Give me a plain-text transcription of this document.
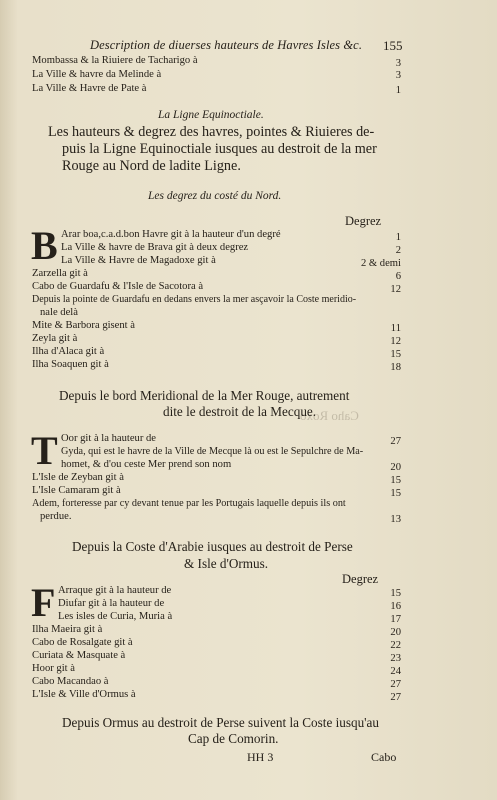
Caho Roxo
Description de diuerses hauteurs de Havres Isles &c. 155
Mombassa & la Riuiere de Tacharigo à	3
La Ville & havre da Melinde à	3
La Ville & Havre de Pate à	1
La Ligne Equinoctiale.
Les hauteurs & degrez des havres, pointes & Riuieres de-
puis la Ligne Equinoctiale iusques au destroit de la mer
Rouge au Nord de ladite Ligne.
Les degrez du costé du Nord.
Degrez
B Arar boa,c.a.d.bon Havre git à la hauteur d'un degré	1
La Ville & havre de Brava git à deux degrez	2
La Ville & Havre de Magadoxe git à	2 & demi
Zarzella git à	6
Cabo de Guardafu & l'Isle de Sacotora à	12
Depuis la pointe de Guardafu en dedans envers la mer asçavoir la Coste meridio-
nale delà
Mite & Barbora gisent à	11
Zeyla git à	12
Ilha d'Alaca git à	15
Ilha Soaquen git à	18
Depuis le bord Meridional de la Mer Rouge, autrement
dite le destroit de la Mecque.
T Oor git à la hauteur de	27
Gyda, qui est le havre de la Ville de Mecque là ou est le Sepulchre de Ma-
homet, & d'ou ceste Mer prend son nom	20
L'Isle de Zeyban git à	15
L'Isle Camaram git à	15
Adem, forteresse par cy devant tenue par les Portugais laquelle depuis ils ont
perdue.	13
Depuis la Coste d'Arabie iusques au destroit de Perse
& Isle d'Ormus.
Degrez
F Arraque git à la hauteur de	15
Diufar git à la hauteur de	16
Les isles de Curia, Muria à	17
Ilha Maeira git à	20
Cabo de Rosalgate git à	22
Curiata & Masquate à	23
Hoor git à	24
Cabo Macandao à	27
L'Isle & Ville d'Ormus à	27
Depuis Ormus au destroit de Perse suivent la Coste iusqu'au
Cap de Comorin.
HH 3	Cabo
